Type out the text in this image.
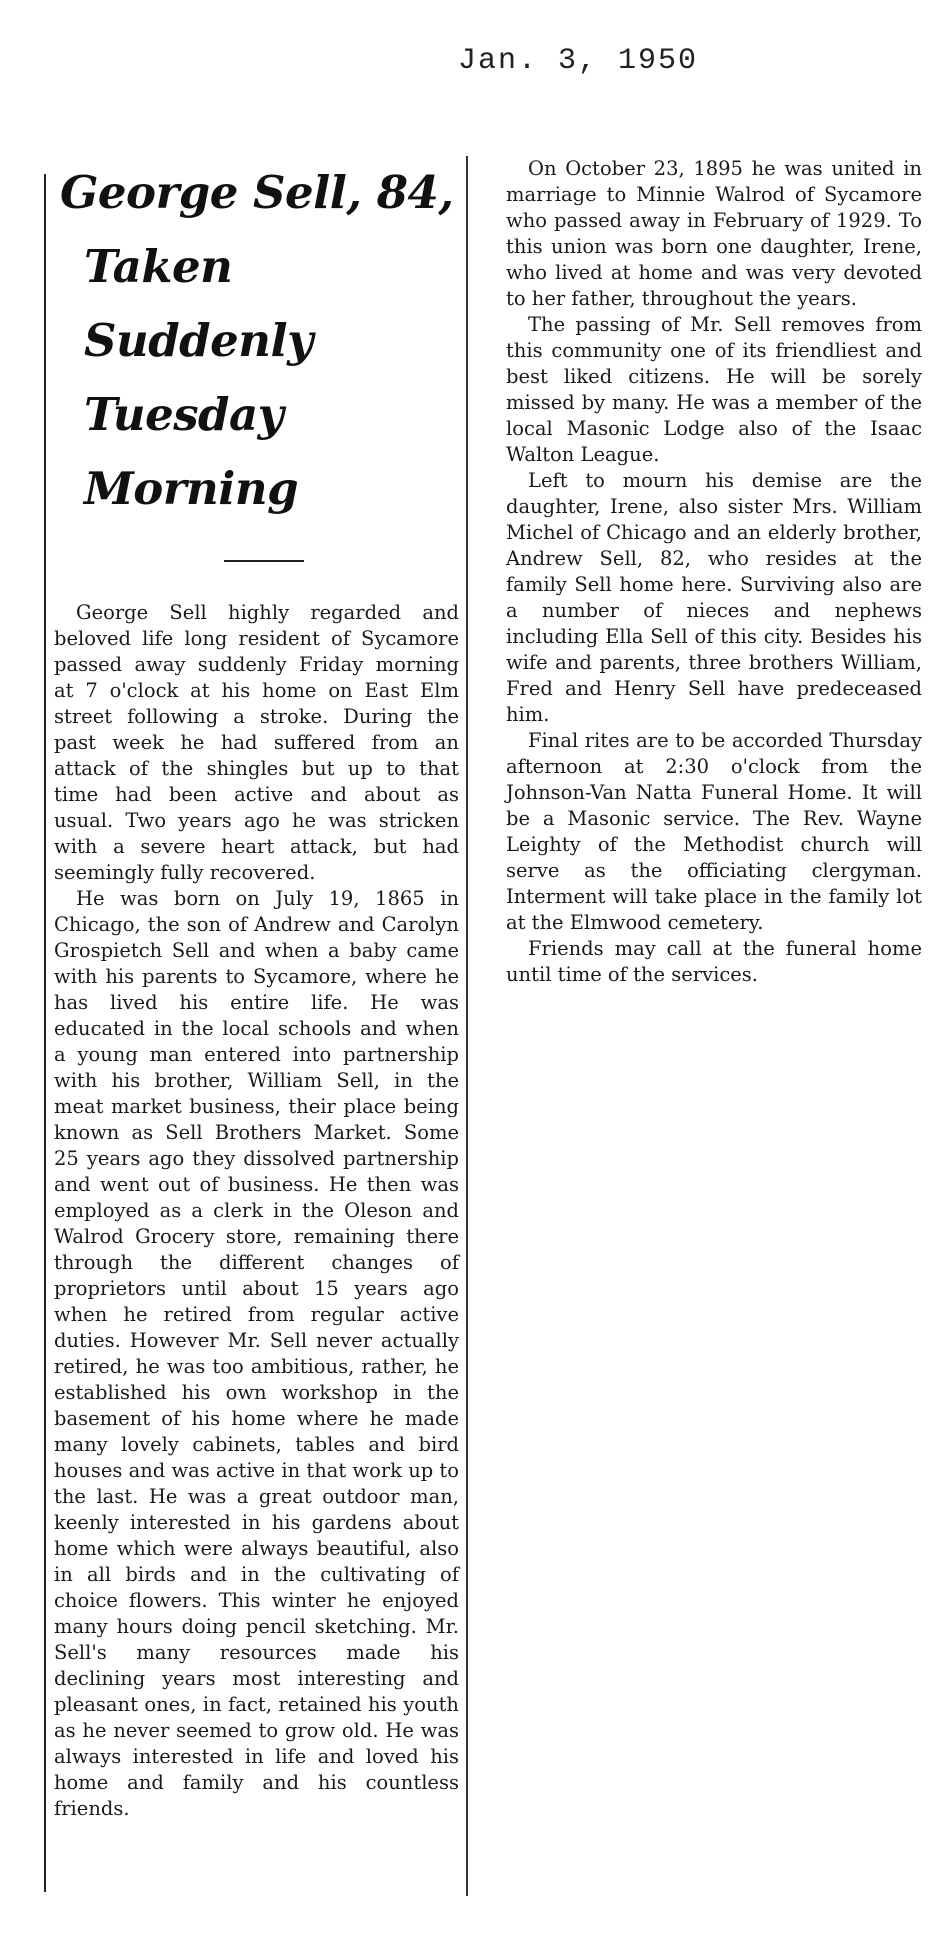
Jan. 3, 1950
George Sell, 84,
Taken Suddenly
Tuesday Morning

George Sell highly regarded and beloved life long resident of Sycamore passed away suddenly Friday morning at 7 o'clock at his home on East Elm street following a stroke. During the past week he had suffered from an attack of the shingles but up to that time had been active and about as usual. Two years ago he was stricken with a severe heart attack, but had seemingly fully recovered.

He was born on July 19, 1865 in Chicago, the son of Andrew and Carolyn Grospietch Sell and when a baby came with his parents to Sycamore, where he has lived his entire life. He was educated in the local schools and when a young man entered into partnership with his brother, William Sell, in the meat market business, their place being known as Sell Brothers Market. Some 25 years ago they dissolved partnership and went out of business. He then was employed as a clerk in the Oleson and Walrod Grocery store, remaining there through the different changes of proprietors until about 15 years ago when he retired from regular active duties. However Mr. Sell never actually retired, he was too ambitious, rather, he established his own workshop in the basement of his home where he made many lovely cabinets, tables and bird houses and was active in that work up to the last. He was a great outdoor man, keenly interested in his gardens about home which were always beautiful, also in all birds and in the cultivating of choice flowers. This winter he enjoyed many hours doing pencil sketching. Mr. Sell's many resources made his declining years most interesting and pleasant ones, in fact, retained his youth as he never seemed to grow old. He was always interested in life and loved his home and family and his countless friends.

On October 23, 1895 he was united in marriage to Minnie Walrod of Sycamore who passed away in February of 1929. To this union was born one daughter, Irene, who lived at home and was very devoted to her father, throughout the years.

The passing of Mr. Sell removes from this community one of its friendliest and best liked citizens. He will be sorely missed by many. He was a member of the local Masonic Lodge also of the Isaac Walton League.

Left to mourn his demise are the daughter, Irene, also sister Mrs. William Michel of Chicago and an elderly brother, Andrew Sell, 82, who resides at the family Sell home here. Surviving also are a number of nieces and nephews including Ella Sell of this city. Besides his wife and parents, three brothers William, Fred and Henry Sell have predeceased him.

Final rites are to be accorded Thursday afternoon at 2:30 o'clock from the Johnson-Van Natta Funeral Home. It will be a Masonic service. The Rev. Wayne Leighty of the Methodist church will serve as the officiating clergyman. Interment will take place in the family lot at the Elmwood cemetery.

Friends may call at the funeral home until time of the services.
